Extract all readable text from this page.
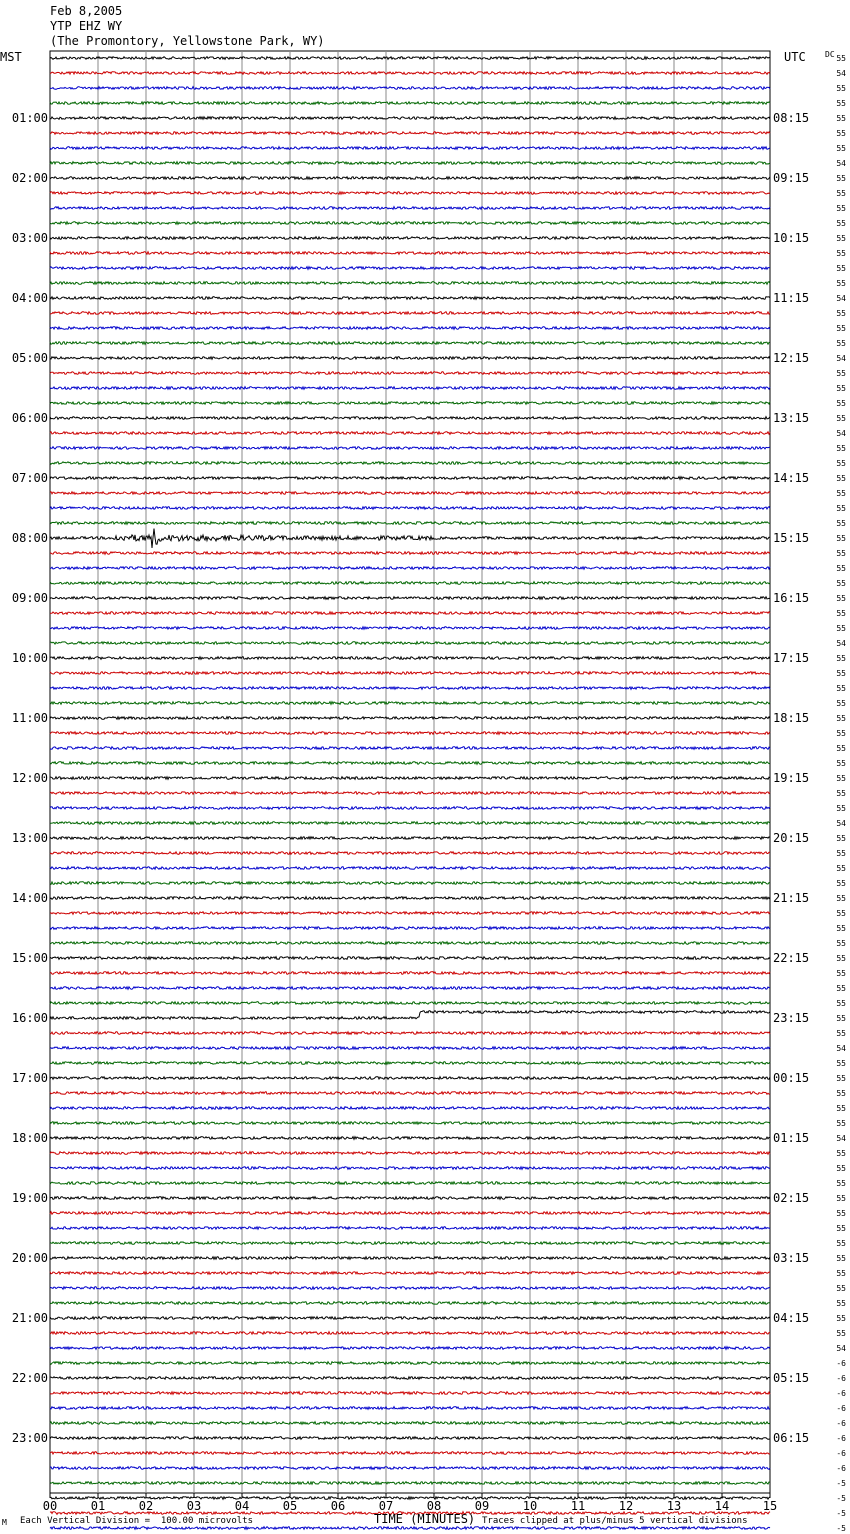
Feb 8,2005
YTP EHZ WY
(The Promontory, Yellowstone Park, WY)
55
54
55
55
55
55
55
54
55
55
55
55
55
55
55
55
54
55
55
55
54
55
55
55
55
54
55
55
55
55
55
55
55
55
55
55
55
55
55
54
55
55
55
55
55
55
55
55
55
55
55
54
55
55
55
55
55
55
55
55
55
55
55
55
55
55
54
55
55
55
55
55
54
55
55
55
55
55
55
55
55
55
55
55
55
55
54
-6
-6
-6
-6
-6
-6
-6
-6
-5
-5
-5
-5
MST	UTC DC
01:00
02:00
03:00
04:00
05:00
06:00
07:00
08:00
09:00
10:00
11:00
12:00
13:00
14:00
15:00
16:00
17:00
18:00
19:00
20:00
21:00
22:00
23:00
08:15
09:15
10:15
11:15
12:15
13:15
14:15
15:15
16:15
17:15
18:15
19:15
20:15
21:15
22:15
23:15
00:15
01:15
02:15
03:15
04:15
05:15
06:15
00	01	02	03	04	05	06	07	08	09	10	11	12	13	14	15
TIME (MINUTES)
Each Vertical Division =  100.00 microvolts	Traces clipped at plus/minus 5 vertical divisions
M
